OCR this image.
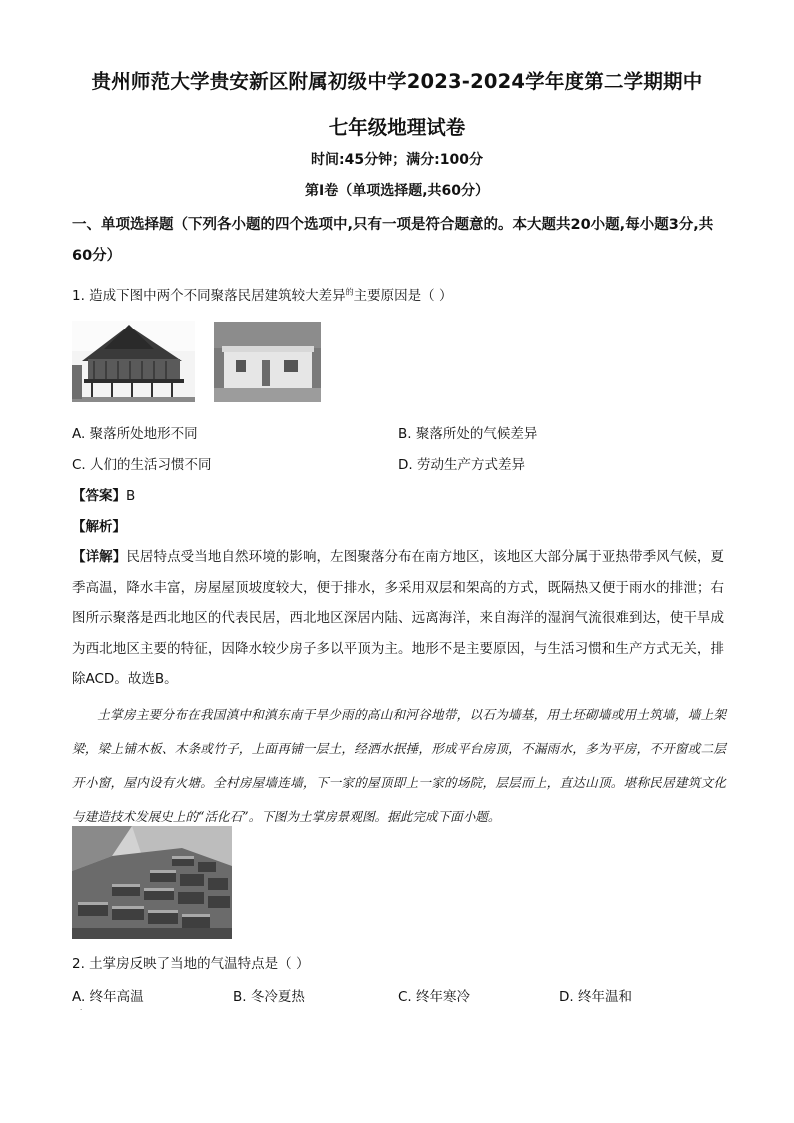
贵州师范大学贵安新区附属初级中学2023-2024学年度第二学期期中
七年级地理试卷
时间:45分钟；满分:100分
第Ⅰ卷（单项选择题,共60分）
一、单项选择题（下列各小题的四个选项中,只有一项是符合题意的。本大题共20小题,每小题3分,共60分）
1. 造成下图中两个不同聚落民居建筑较大差异$^的$主要原因是（ ）
A. 聚落所处地形不同	B. 聚落所处的气候差异
C. 人们的生活习惯不同	D. 劳动生产方式差异
【答案】B
【解析】
【详解】民居特点受当地自然环境的影响，左图聚落分布在南方地区，该地区大部分属于亚热带季风气候，夏季高温，降水丰富，房屋屋顶坡度较大，便于排水，多采用双层和架高的方式，既隔热又便于雨水的排泄；右图所示聚落是西北地区的代表民居，西北地区深居内陆、远离海洋，来自海洋的湿润气流很难到达，使干旱成为西北地区主要的特征，因降水较少房子多以平顶为主。地形不是主要原因，与生活习惯和生产方式无关，排除ACD。故选B。
土掌房主要分布在我国滇中和滇东南干旱少雨的高山和河谷地带，以石为墙基，用土坯砌墙或用土筑墙，墙上架梁，梁上铺木板、木条或竹子，上面再铺一层土，经洒水抿捶，形成平台房顶，不漏雨水，多为平房，不开窗或二层开小窗，屋内设有火塘。全村房屋墙连墙，下一家的屋顶即上一家的场院，层层而上，直达山顶。堪称民居建筑文化与建造技术发展史上的“活化石”。下图为土掌房景观图。据此完成下面小题。
2. 土掌房反映了当地的气温特点是（ ）
A. 终年高温	B. 冬冷夏热	C. 终年寒冷	D. 终年温和
·
